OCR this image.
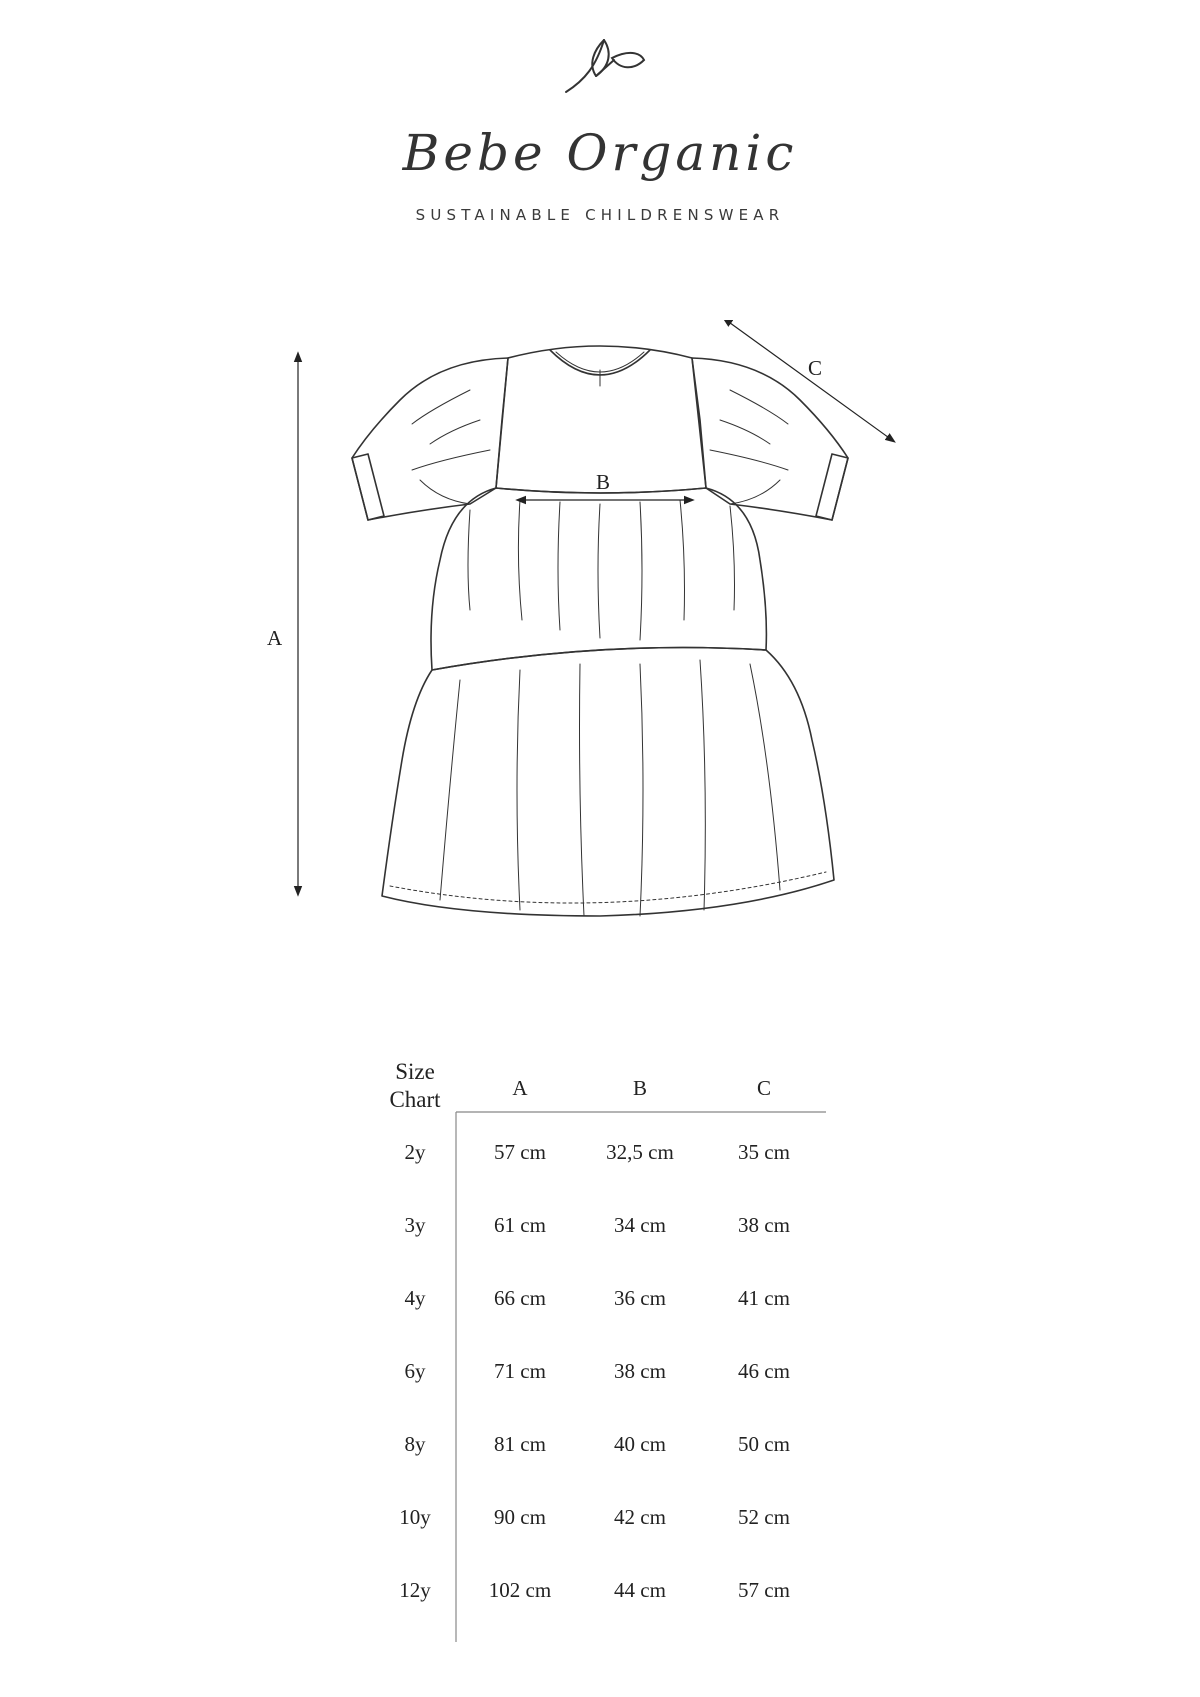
Bebe Organic
SUSTAINABLE CHILDRENSWEAR
A
B
C
Size
Chart	A	B	C
2y	57 cm	32,5 cm	35 cm
3y	61 cm	34 cm	38 cm
4y	66 cm	36 cm	41 cm
6y	71 cm	38 cm	46 cm
8y	81 cm	40 cm	50 cm
10y	90 cm	42 cm	52 cm
12y	102 cm	44 cm	57 cm
